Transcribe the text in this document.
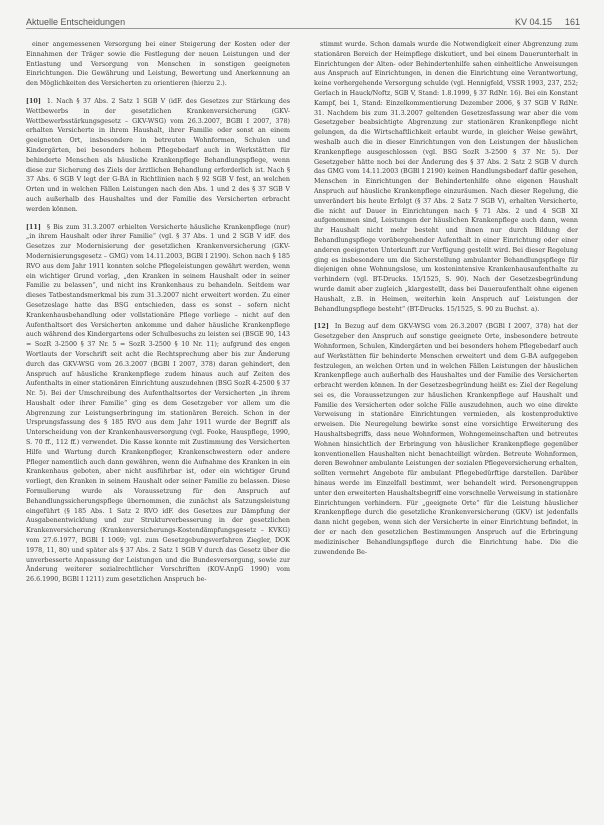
Aktuelle Entscheidungen	KV 04.15 161

einer angemessenen Versorgung bei einer Steigerung der Kosten oder der Einnahmen der Träger sowie die Festlegung der neuen Leistungen und der Entlastung und Versorgung von Menschen in sonstigen geeigneten Einrichtungen. Die Gewährung und Leistung, Bewertung und Anerkennung an den Möglichkeiten des Versicherten zu orientieren (hierzu 2.).

[10] 1. Nach § 37 Abs. 2 Satz 1 SGB V (idF. des Gesetzes zur Stärkung des Wettbewerbs in der gesetzlichen Krankenversicherung (GKV-Wettbewerbsstärkungsgesetz – GKV-WSG) vom 26.3.2007, BGBl I 2007, 378) erhalten Versicherte in ihrem Haushalt, ihrer Familie oder sonst an einem geeigneten Ort, insbesondere in betreuten Wohnformen, Schulen und Kindergärten, bei besonders hohem Pflegebedarf auch in Werkstätten für behinderte Menschen als häusliche Krankenpflege Behandlungspflege, wenn diese zur Sicherung des Ziels der ärztlichen Behandlung erforderlich ist. Nach § 37 Abs. 6 SGB V legt der G-BA in Richtlinien nach § 92 SGB V fest, an welchen Orten und in welchen Fällen Leistungen nach den Abs. 1 und 2 des § 37 SGB V auch außerhalb des Haushaltes und der Familie des Versicherten erbracht werden können.

[11] § Bis zum 31.3.2007 erhielten Versicherte häusliche Krankenpflege (nur) „in ihrem Haushalt oder ihrer Familie“ (vgl. § 37 Abs. 1 und 2 SGB V idF. des Gesetzes zur Modernisierung der gesetzlichen Krankenversicherung (GKV-Modernisierungsgesetz – GMG) vom 14.11.2003, BGBl I 2190). Schon nach § 185 RVO aus dem Jahr 1911 konnten solche Pflegeleistungen gewährt werden, wenn ein wichtiger Grund vorlag, „den Kranken in seinem Haushalt oder in seiner Familie zu belassen“, und nicht ins Krankenhaus zu behandeln. Seitdem war dieses Tatbestandsmerkmal bis zum 31.3.2007 nicht erweitert worden. Zu einer Gesetzeslage hatte das BSG entschieden, dass es sonst – sofern nicht Krankenhausbehandlung oder vollstationäre Pflege vorliege – nicht auf den Aufenthaltsort des Versicherten ankomme und daher häusliche Krankenpflege auch während des Kindergartens oder Schulbesuchs zu leisten sei (BSGE 90, 143 = SozR 3-2500 § 37 Nr. 5 = SozR 3-2500 § 10 Nr. 11); aufgrund des engen Wortlauts der Vorschrift seit acht die Rechtsprechung aber bis zur Änderung durch das GKV-WSG vom 26.3.2007 (BGBl I 2007, 378) daran gehindert, den Anspruch auf häusliche Krankenpflege zudem hinaus auch auf Zeiten des Aufenthalts in einer stationären Einrichtung auszudehnen (BSG SozR 4-2500 § 37 Nr. 5). Bei der Umschreibung des Aufenthaltsortes der Versicherten „in ihrem Haushalt oder ihrer Familie“ ging es dem Gesetzgeber vor allem um die Abgrenzung zur Leistungserbringung im stationären Bereich. Schon in der Ursprungsfassung des § 185 RVO aus dem Jahr 1911 wurde der Begriff als Unterscheidung von der Krankenhausversorgung (vgl. Fooke, Hauspflege, 1990, S. 70 ff., 112 ff.) verwendet. Die Kasse konnte mit Zustimmung des Versicherten Hilfe und Wartung durch Krankenpfleger, Krankenschwestern oder andere Pfleger namentlich auch dann gewähren, wenn die Aufnahme des Kranken in ein Krankenhaus geboten, aber nicht ausführbar ist, oder ein wichtiger Grund vorliegt, den Kranken in seinem Haushalt oder seiner Familie zu belassen. Diese Formulierung wurde als Voraussetzung für den Anspruch auf Behandlungssicherungspflege übernommen, die zunächst als Satzungsleistung eingeführt (§ 185 Abs. 1 Satz 2 RVO idF. des Gesetzes zur Dämpfung der Ausgabenentwicklung und zur Strukturverbesserung in der gesetzlichen Krankenversicherung (Krankenversicherungs-Kostendämpfungsgesetz – KVKG) vom 27.6.1977, BGBl I 1069; vgl. zum Gesetzgebungsverfahren Ziegler, DOK 1978, 11, 80) und später als § 37 Abs. 2 Satz 1 SGB V durch das Gesetz über die unverbesserte Anpassung der Leistungen und die Bundesversorgung, sowie zur Änderung weiterer sozialrechtlicher Vorschriften (KOV-AnpG 1990) vom 26.6.1990, BGBl I 1211) zum gesetzlichen Anspruch be-

stimmt wurde. Schon damals wurde die Notwendigkeit einer Abgrenzung zum stationären Bereich der Heimpflege diskutiert, und bei einem Dauerunterhalt in Einrichtungen der Alten- oder Behindertenhilfe sahen einheitliche Anweisungen aus Anspruch auf Einrichtungen, in denen die Einrichtung eine Verantwortung, keine vorhergehende Versorgung schulde (vgl. Hennigfeld, VSSR 1993, 237, 252; Gerlach in Hauck/Noftz, SGB V, Stand: 1.8.1999, § 37 RdNr. 16). Bei ein Konstant Kampf, bei 1, Stand: Einzelkommentierung Dezember 2006, § 37 SGB V RdNr. 31. Nachdem bis zum 31.3.2007 geltenden Gesetzesfassung war aber die vom Gesetzgeber beabsichtigte Abgrenzung zur stationären Krankenpflege nicht gelungen, da die Wirtschaftlichkeit erlaubt wurde, in gleicher Weise gewährt, weshalb auch die in dieser Einrichtungen von den Leistungen der häuslichen Krankenpflege ausgeschlossen (vgl. BSG SozR 3-2500 § 37 Nr. 5). Der Gesetzgeber hätte noch bei der Änderung des § 37 Abs. 2 Satz 2 SGB V durch das GMG vom 14.11.2003 (BGBl I 2190) keinen Handlungsbedarf dafür gesehen, Menschen in Einrichtungen der Behindertenhilfe ohne eigenen Haushalt Anspruch auf häusliche Krankenpflege einzuräumen. Nach dieser Regelung, die unverändert bis heute Erfolgt (§ 37 Abs. 2 Satz 7 SGB V), erhalten Versicherte, die nicht auf Dauer in Einrichtungen nach § 71 Abs. 2 und 4 SGB XI aufgenommen sind, Leistungen der häuslichen Krankenpflege auch dann, wenn ihr Haushalt nicht mehr besteht und ihnen nur durch Bildung der Behandlungspflege vorübergehender Aufenthalt in einer Einrichtung oder einer anderen geeigneten Unterkunft zur Verfügung gestellt wird. Bei dieser Regelung ging es insbesondere um die Sicherstellung ambulanter Behandlungspflege für diejenigen ohne Wohnungslose, um kostenintensive Krankenhausaufenthalte zu verhindern (vgl. BT-Drucks. 15/1525, S. 90). Nach der Gesetzesbegründung wurde damit aber zugleich „klargestellt, dass bei Daueraufenthalt ohne eigenen Haushalt, z.B. in Heimen, weiterhin kein Anspruch auf Leistungen der Behandlungspflege besteht“ (BT-Drucks. 15/1525, S. 90 zu Buchst. a).

[12] In Bezug auf dem GKV-WSG vom 26.3.2007 (BGBl I 2007, 378) hat der Gesetzgeber den Anspruch auf sonstige geeignete Orte, insbesondere betreute Wohnformen, Schulen, Kindergärten und bei besonders hohem Pflegebedarf auch auf Werkstätten für behinderte Menschen erweitert und dem G-BA aufgegeben festzulegen, an welchen Orten und in welchen Fällen Leistungen der häuslichen Krankenpflege auch außerhalb des Haushaltes und der Familie des Versicherten erbracht werden können. In der Gesetzesbegründung heißt es: Ziel der Regelung sei es, die Voraussetzungen zur häuslichen Krankenpflege auf Haushalt und Familie des Versicherten oder solche Fälle auszudehnen, auch wo eine direkte Verweisung in stationäre Einrichtungen vermieden, als kostenproduktive erweisen. Die Neuregelung bewirke sonst eine vorsichtige Erweiterung des Haushaltsbegriffs, dass neue Wohnformen, Wohngemeinschaften und betreutes Wohnen hinsichtlich der Erbringung von häuslicher Krankenpflege gegenüber konventionellen Haushalten nicht benachteiligt würden. Betreute Wohnformen, deren Bewohner ambulante Leistungen der sozialen Pflegeversicherung erhalten, sollten vermehrt Angebote für ambulant Pflegebedürftige darstellen. Darüber hinaus werde im Einzelfall bestimmt, wer behandelt wird. Personengruppen unter den erweiterten Haushaltsbegriff eine vorschnelle Verweisung in stationäre Einrichtungen verhindern. Für „geeignete Orte“ für die Leistung häuslicher Krankenpflege durch die gesetzliche Krankenversicherung (GKV) ist jedenfalls dann nicht gegeben, wenn sich der Versicherte in einer Einrichtung befindet, in der er nach den gesetzlichen Bestimmungen Anspruch auf die Erbringung medizinischer Behandlungspflege durch die Einrichtung habe. Die die zuwendende Be-
